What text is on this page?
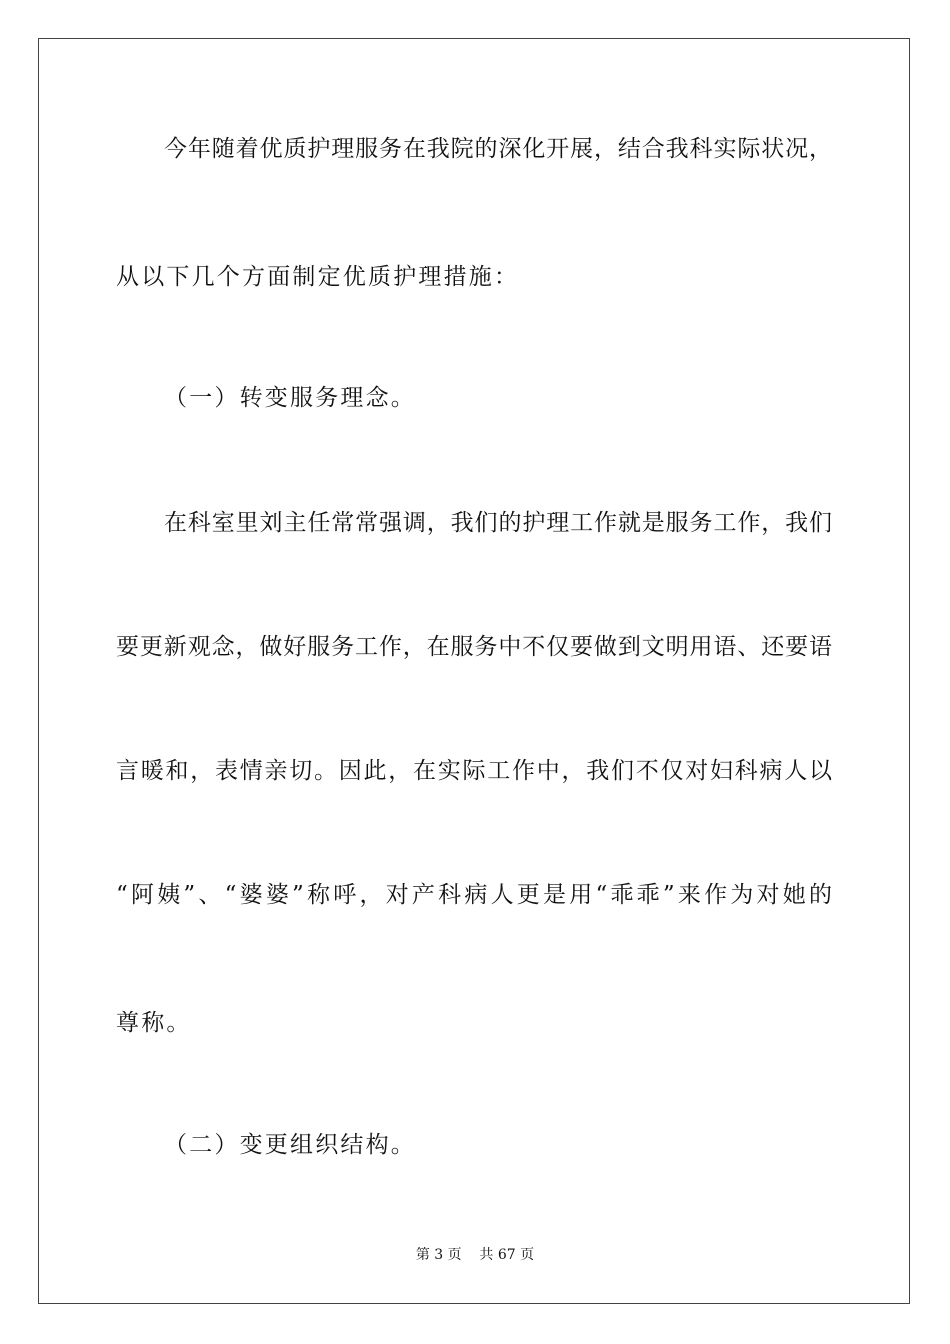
今年随着优质护理服务在我院的深化开展，结合我科实际状况，
从以下几个方面制定优质护理措施：
（一）转变服务理念。
在科室里刘主任常常强调，我们的护理工作就是服务工作，我们
要更新观念，做好服务工作，在服务中不仅要做到文明用语、还要语
言暖和，表情亲切。因此，在实际工作中，我们不仅对妇科病人以
“阿姨”、“婆婆”称呼，对产科病人更是用“乖乖”来作为对她的
尊称。
（二）变更组织结构。
第 3 页    共 67 页
